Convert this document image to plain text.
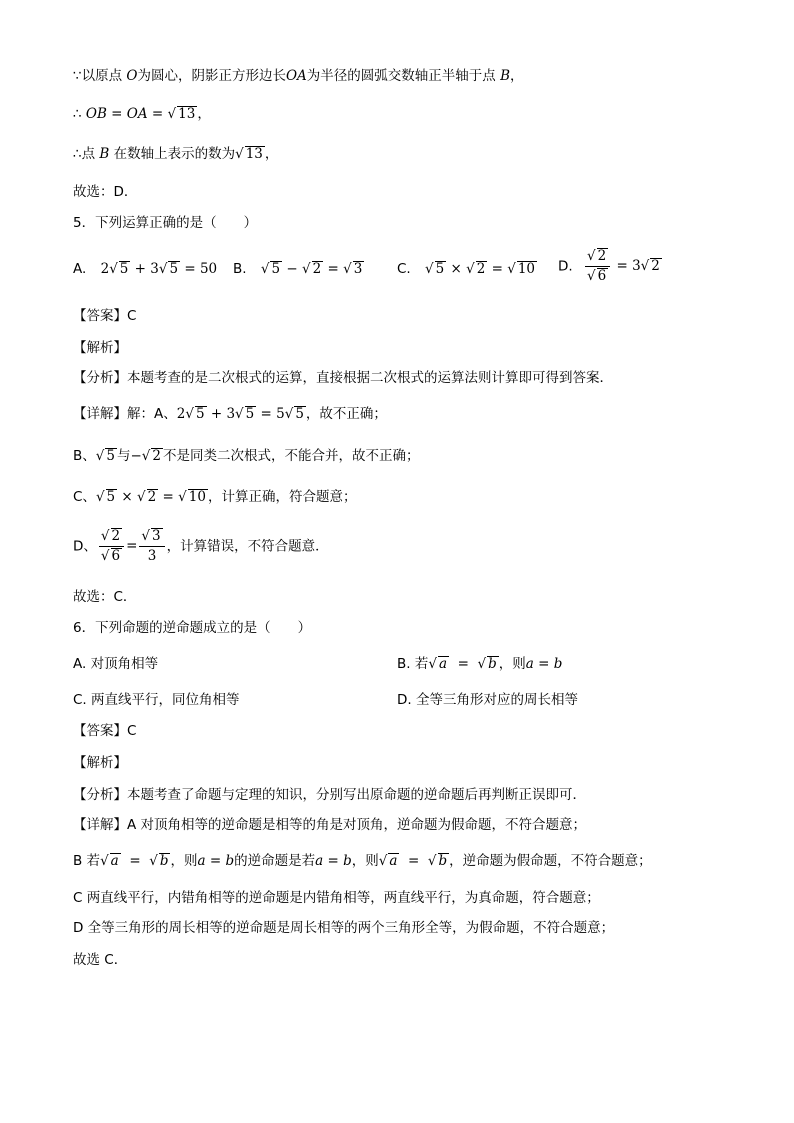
∵以原点 O为圆心，阴影正方形边长OA为半径的圆弧交数轴正半轴于点 B，
∴ OB = OA = √ 13 ，
∴点 B 在数轴上表示的数为√ 13 ，
故选：D．
5．下列运算正确的是（　　）
A. 2√ 5 + 3√ 5 = 50 B. √ 5 − √ 2 = √ 3	C. √ 5 × √ 2 = √ 10 D. $\frac{√ 2}{√ 6} = 3√$ 2
【答案】C
【解析】
【分析】本题考查的是二次根式的运算，直接根据二次根式的运算法则计算即可得到答案．
【详解】解：A、2√ 5 + 3√ 5 = 5√ 5 ，故不正确；
B、√ 5 与−√ 2 不是同类二次根式，不能合并，故不正确；
C、√ 5 × √ 2 = √ 10 ，计算正确，符合题意；
D、 $\frac{√ 2}{√ 6} = \frac{√ 3}{3}$ ，计算错误，不符合题意．
故选：C．
6．下列命题的逆命题成立的是（　　）
A. 对顶角相等	B. 若√ a  =  √ b ，则a = b
C. 两直线平行，同位角相等	D. 全等三角形对应的周长相等
【答案】C
【解析】
【分析】本题考查了命题与定理的知识，分别写出原命题的逆命题后再判断正误即可．
【详解】A 对顶角相等的逆命题是相等的角是对顶角，逆命题为假命题，不符合题意；
B 若√ a  =  √ b ，则a = b的逆命题是若a = b，则√ a  =  √ b ，逆命题为假命题，不符合题意；
C 两直线平行，内错角相等的逆命题是内错角相等，两直线平行，为真命题，符合题意；
D 全等三角形的周长相等的逆命题是周长相等的两个三角形全等，为假命题，不符合题意；
故选 C．
